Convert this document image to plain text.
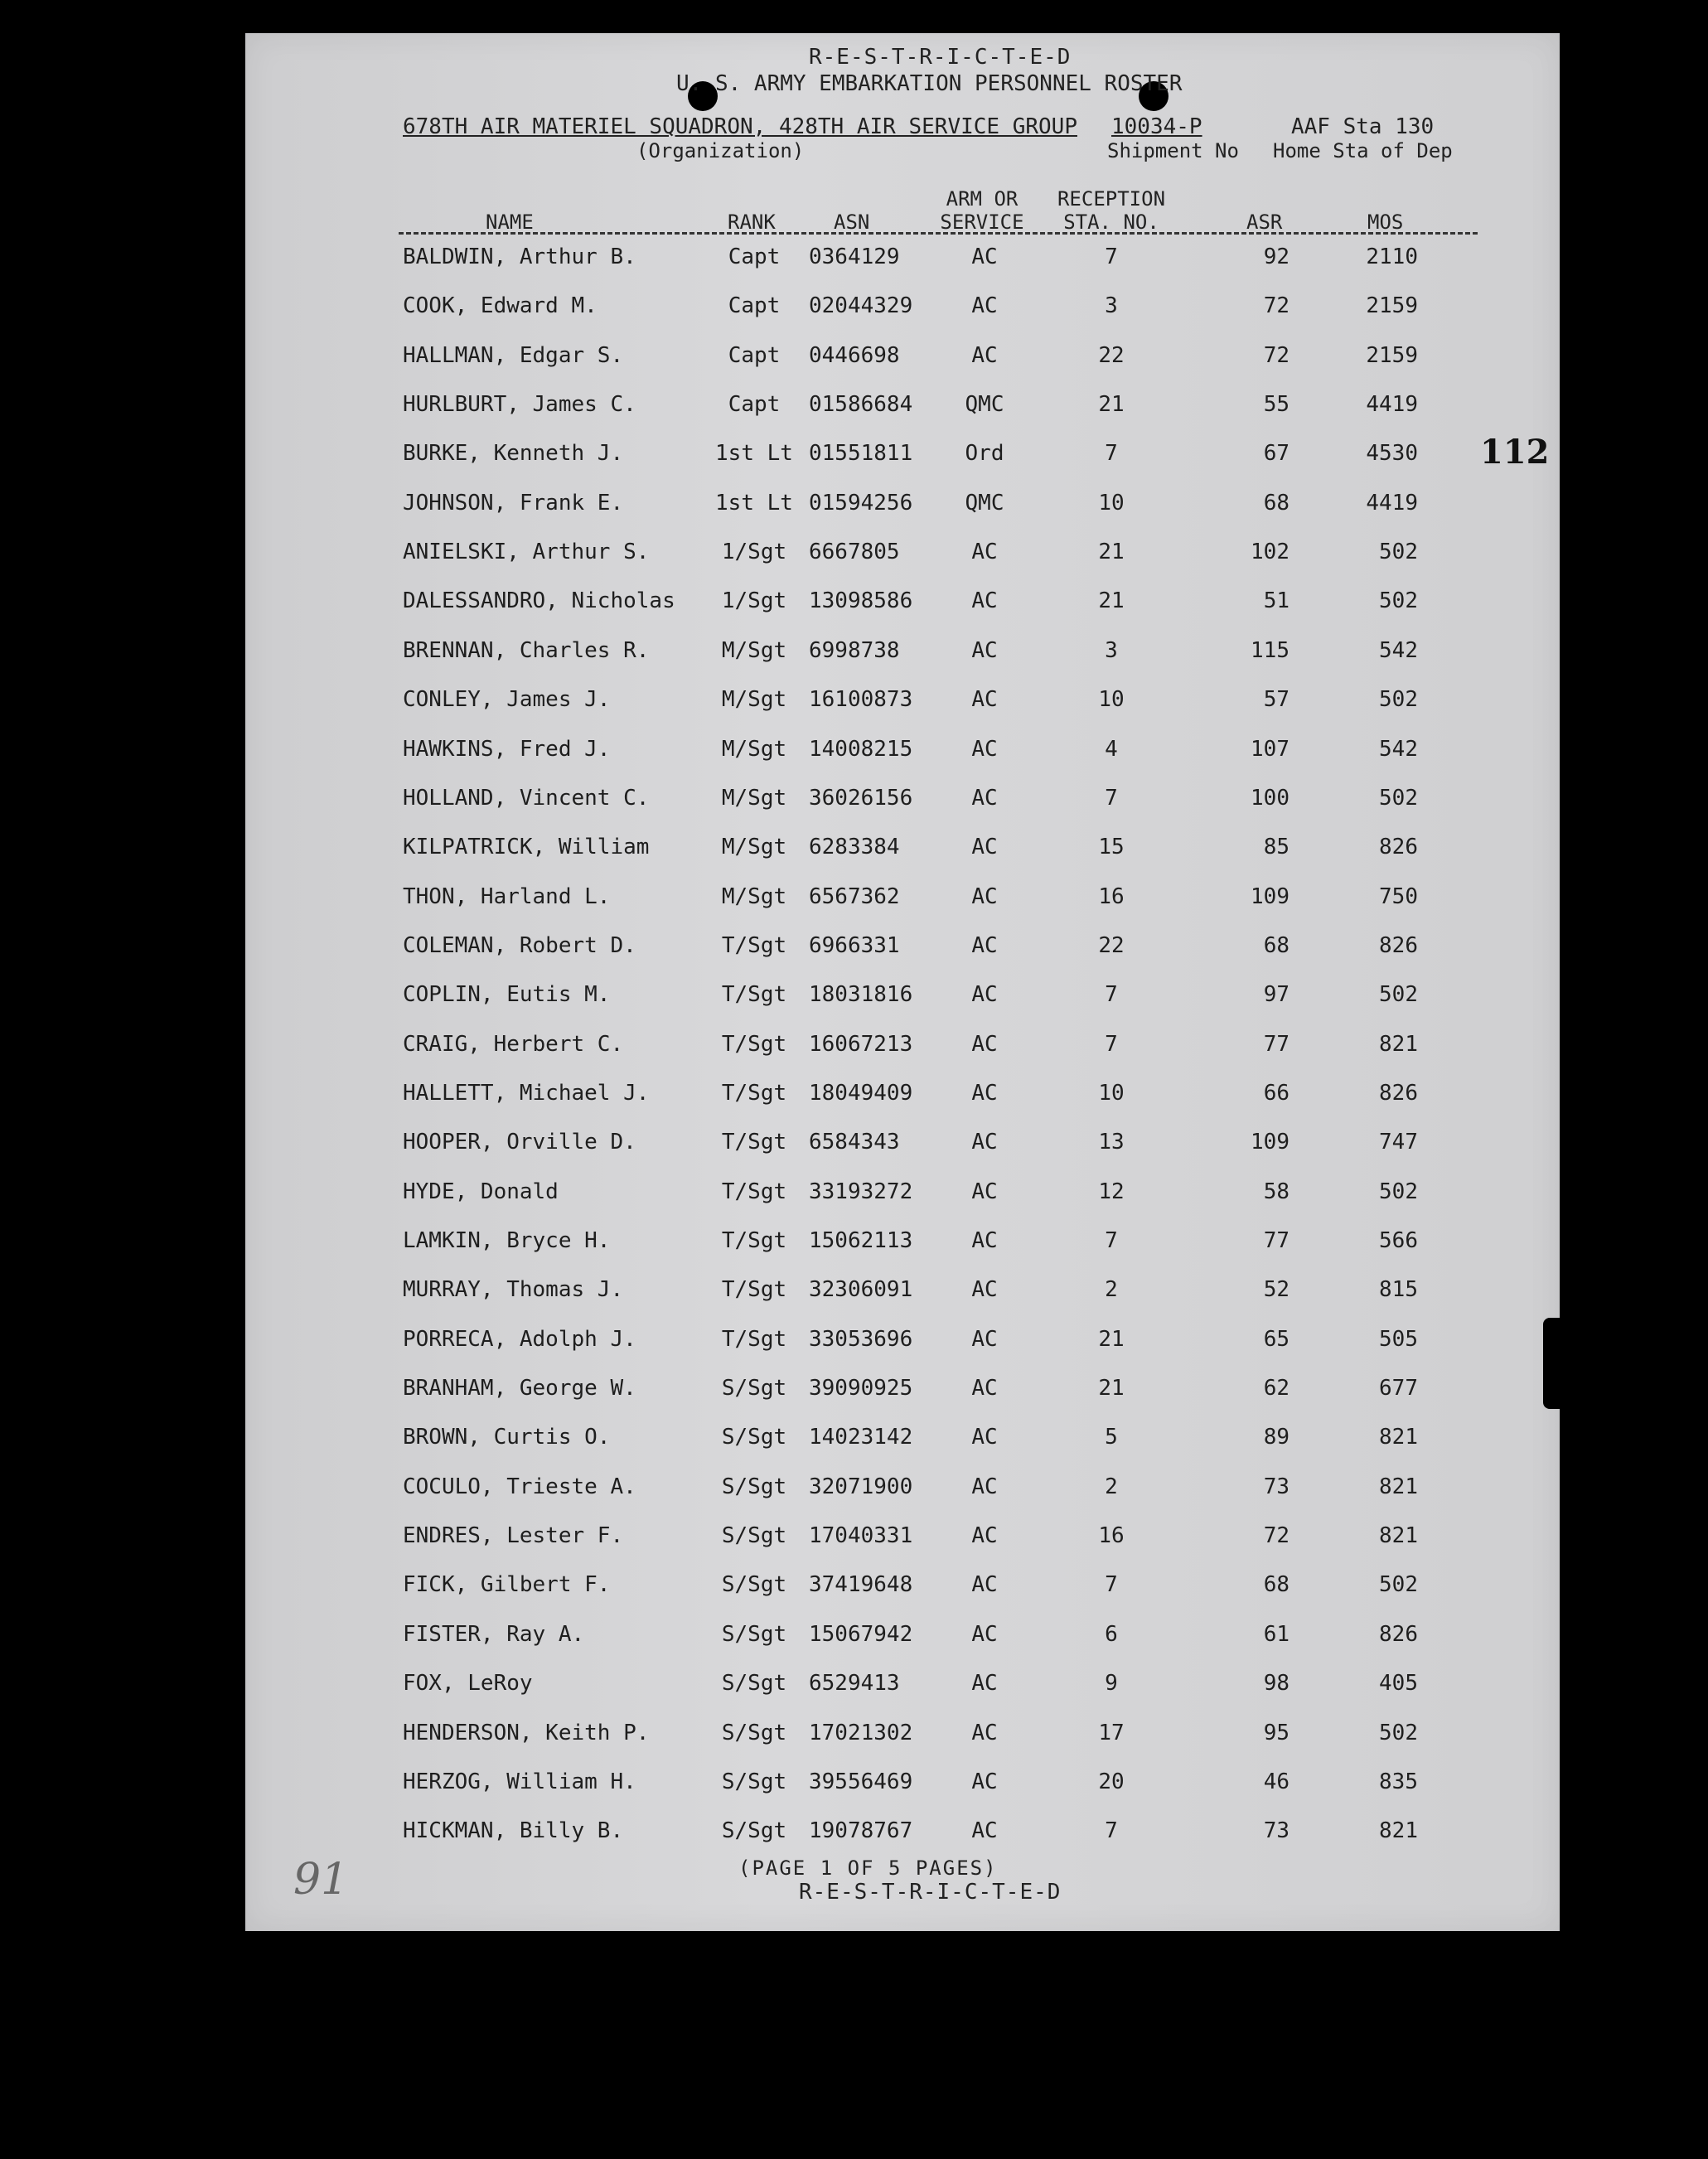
R-E-S-T-R-I-C-T-E-D
U. S. ARMY EMBARKATION PERSONNEL ROSTER
678TH AIR MATERIEL SQUADRON, 428TH AIR SERVICE GROUP 10034-P	AAF Sta 130
(Organization)	Shipment No Home Sta of Dep
112
NAME	RANK	ASN
ARM OR
SERVICE
RECEPTION
STA. NO.	ASR	MOS
BALDWIN, Arthur B.	Capt	0364129	AC	7	92	2110
COOK, Edward M.	Capt	02044329	AC	3	72	2159
HALLMAN, Edgar S.	Capt	0446698	AC	22	72	2159
HURLBURT, James C.	Capt	01586684	QMC	21	55	4419
BURKE, Kenneth J.	1st Lt 01551811	Ord	7	67	4530
JOHNSON, Frank E.	1st Lt 01594256	QMC	10	68	4419
ANIELSKI, Arthur S.	1/Sgt	6667805	AC	21	102	502
DALESSANDRO, Nicholas	1/Sgt	13098586	AC	21	51	502
BRENNAN, Charles R.	M/Sgt	6998738	AC	3	115	542
CONLEY, James J.	M/Sgt	16100873	AC	10	57	502
HAWKINS, Fred J.	M/Sgt	14008215	AC	4	107	542
HOLLAND, Vincent C.	M/Sgt	36026156	AC	7	100	502
KILPATRICK, William	M/Sgt	6283384	AC	15	85	826
THON, Harland L.	M/Sgt	6567362	AC	16	109	750
COLEMAN, Robert D.	T/Sgt	6966331	AC	22	68	826
COPLIN, Eutis M.	T/Sgt	18031816	AC	7	97	502
CRAIG, Herbert C.	T/Sgt	16067213	AC	7	77	821
HALLETT, Michael J.	T/Sgt	18049409	AC	10	66	826
HOOPER, Orville D.	T/Sgt	6584343	AC	13	109	747
HYDE, Donald	T/Sgt	33193272	AC	12	58	502
LAMKIN, Bryce H.	T/Sgt	15062113	AC	7	77	566
MURRAY, Thomas J.	T/Sgt	32306091	AC	2	52	815
PORRECA, Adolph J.	T/Sgt	33053696	AC	21	65	505
BRANHAM, George W.	S/Sgt	39090925	AC	21	62	677
BROWN, Curtis O.	S/Sgt	14023142	AC	5	89	821
COCULO, Trieste A.	S/Sgt	32071900	AC	2	73	821
ENDRES, Lester F.	S/Sgt	17040331	AC	16	72	821
FICK, Gilbert F.	S/Sgt	37419648	AC	7	68	502
FISTER, Ray A.	S/Sgt	15067942	AC	6	61	826
FOX, LeRoy	S/Sgt	6529413	AC	9	98	405
HENDERSON, Keith P.	S/Sgt	17021302	AC	17	95	502
HERZOG, William H.	S/Sgt	39556469	AC	20	46	835
HICKMAN, Billy B.	S/Sgt	19078767	AC	7	73	821
91	(PAGE 1 OF 5 PAGES)
R-E-S-T-R-I-C-T-E-D
